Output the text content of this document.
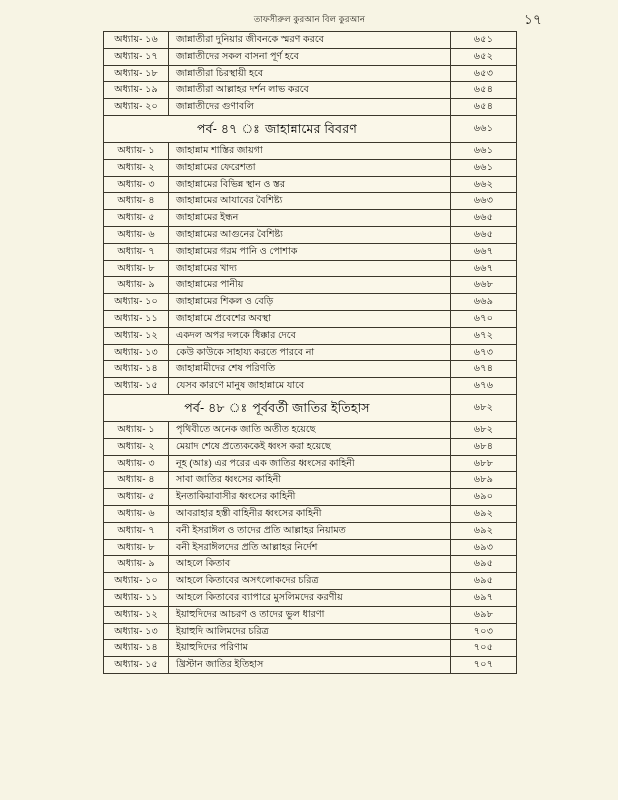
তাফসীরুল কুরআন বিল কুরআন	১৭
অধ্যায়- ১৬	জান্নাতীরা দুনিয়ার জীবনকে স্মরণ করবে	৬৫১
অধ্যায়- ১৭	জান্নাতীদের সকল বাসনা পূর্ণ হবে	৬৫২
অধ্যায়- ১৮	জান্নাতীরা চিরস্থায়ী হবে	৬৫৩
অধ্যায়- ১৯	জান্নাতীরা আল্লাহর দর্শন লাভ করবে	৬৫৪
অধ্যায়- ২০	জান্নাতীদের গুণাবলি	৬৫৪
পর্ব- ৪৭ ঃ জাহান্নামের বিবরণ		৬৬১
অধ্যায়- ১	জাহান্নাম শাস্তির জায়গা	৬৬১
অধ্যায়- ২	জাহান্নামের ফেরেশতা	৬৬১
অধ্যায়- ৩	জাহান্নামের বিভিন্ন স্থান ও স্তর	৬৬২
অধ্যায়- ৪	জাহান্নামের আযাবের বৈশিষ্ট্য	৬৬৩
অধ্যায়- ৫	জাহান্নামের ইন্ধন	৬৬৫
অধ্যায়- ৬	জাহান্নামের আগুনের বৈশিষ্ট্য	৬৬৫
অধ্যায়- ৭	জাহান্নামের গরম পানি ও পোশাক	৬৬৭
অধ্যায়- ৮	জাহান্নামের খাদ্য	৬৬৭
অধ্যায়- ৯	জাহান্নামের পানীয়	৬৬৮
অধ্যায়- ১০	জাহান্নামের শিকল ও বেড়ি	৬৬৯
অধ্যায়- ১১	জাহান্নামে প্রবেশের অবস্থা	৬৭০
অধ্যায়- ১২	একদল অপর দলকে ধিক্কার দেবে	৬৭২
অধ্যায়- ১৩	কেউ কাউকে সাহায্য করতে পারবে না	৬৭৩
অধ্যায়- ১৪	জাহান্নামীদের শেষ পরিণতি	৬৭৪
অধ্যায়- ১৫	যেসব কারণে মানুষ জাহান্নামে যাবে	৬৭৬
পর্ব- ৪৮ ঃ পূর্ববর্তী জাতির ইতিহাস		৬৮২
অধ্যায়- ১	পৃথিবীতে অনেক জাতি অতীত হয়েছে	৬৮২
অধ্যায়- ২	মেয়াদ শেষে প্রত্যেককেই ধ্বংস করা হয়েছে	৬৮৪
অধ্যায়- ৩	নূহ (আঃ) এর পরের এক জাতির ধ্বংসের কাহিনী	৬৮৮
অধ্যায়- ৪	সাবা জাতির ধ্বংসের কাহিনী	৬৮৯
অধ্যায়- ৫	ইনতাকিয়াবাসীর ধ্বংসের কাহিনী	৬৯০
অধ্যায়- ৬	আবরাহার হস্তী বাহিনীর ধ্বংসের কাহিনী	৬৯২
অধ্যায়- ৭	বনী ইসরাঈল ও তাদের প্রতি আল্লাহর নিয়ামত	৬৯২
অধ্যায়- ৮	বনী ইসরাঈলদের প্রতি আল্লাহর নির্দেশ	৬৯৩
অধ্যায়- ৯	আহলে কিতাব	৬৯৫
অধ্যায়- ১০	আহলে কিতাবের অসৎলোকদের চরিত্র	৬৯৫
অধ্যায়- ১১	আহলে কিতাবের ব্যাপারে মুসলিমদের করণীয়	৬৯৭
অধ্যায়- ১২	ইয়াহুদিদের আচরণ ও তাদের ভুল ধারণা	৬৯৮
অধ্যায়- ১৩	ইয়াহুদি আলিমদের চরিত্র	৭০৩
অধ্যায়- ১৪	ইয়াহুদিদের পরিণাম	৭০৫
অধ্যায়- ১৫	খ্রিস্টান জাতির ইতিহাস	৭০৭
